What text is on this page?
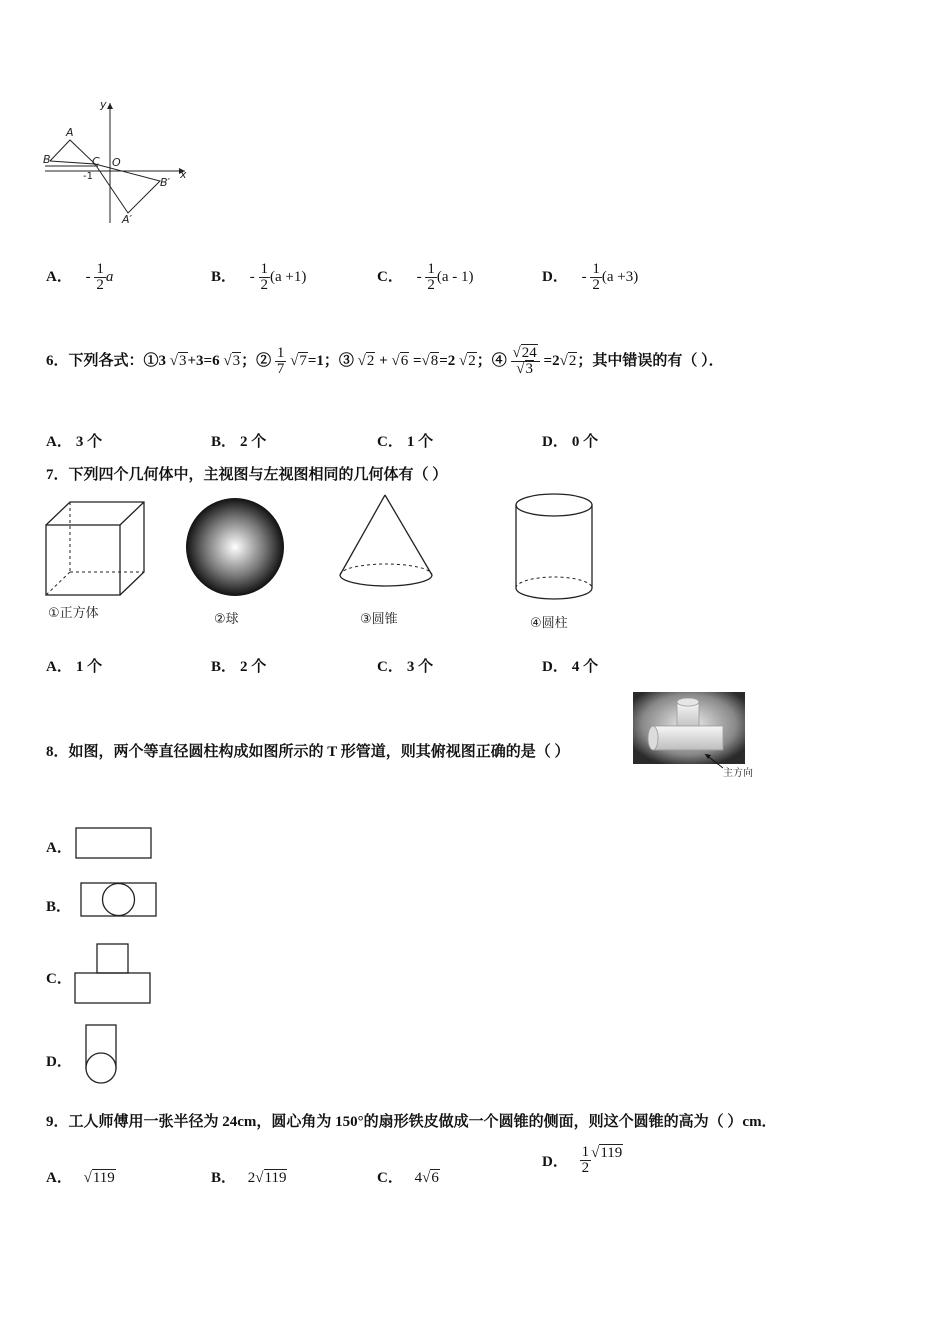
y
x
A
B	C O
-1	B′
A′
A． - $\frac{1}{2}$ a	B． - $\frac{1}{2} (a +1)$	C． - $\frac{1}{2} (a - 1)$	D． - $\frac{1}{2} (a +3)$
6．下列各式：①3 √3+3=6 √3；② $\frac{1}{7} √7=1$；③ √2 + √6 =√8=2 √2；④ $\frac{√24}{√3} =2√2$；其中错误的有（ ）．
A． 3 个	B． 2 个	C． 1 个	D． 0 个
7．下列四个几何体中，主视图与左视图相同的几何体有（ ）
①正方体	②球	③圆锥	④圆柱
A． 1 个	B． 2 个	C． 3 个	D． 4 个
8．如图，两个等直径圆柱构成如图所示的 T 形管道，则其俯视图正确的是（ ）
主方向
A．
B．
C．
D．
9．工人师傅用一张半径为 24cm，圆心角为 150°的扇形铁皮做成一个圆锥的侧面，则这个圆锥的高为（ ）cm．
A． √119	B． 2√119	C． 4√6
D． $\frac{1}{2} √119$
